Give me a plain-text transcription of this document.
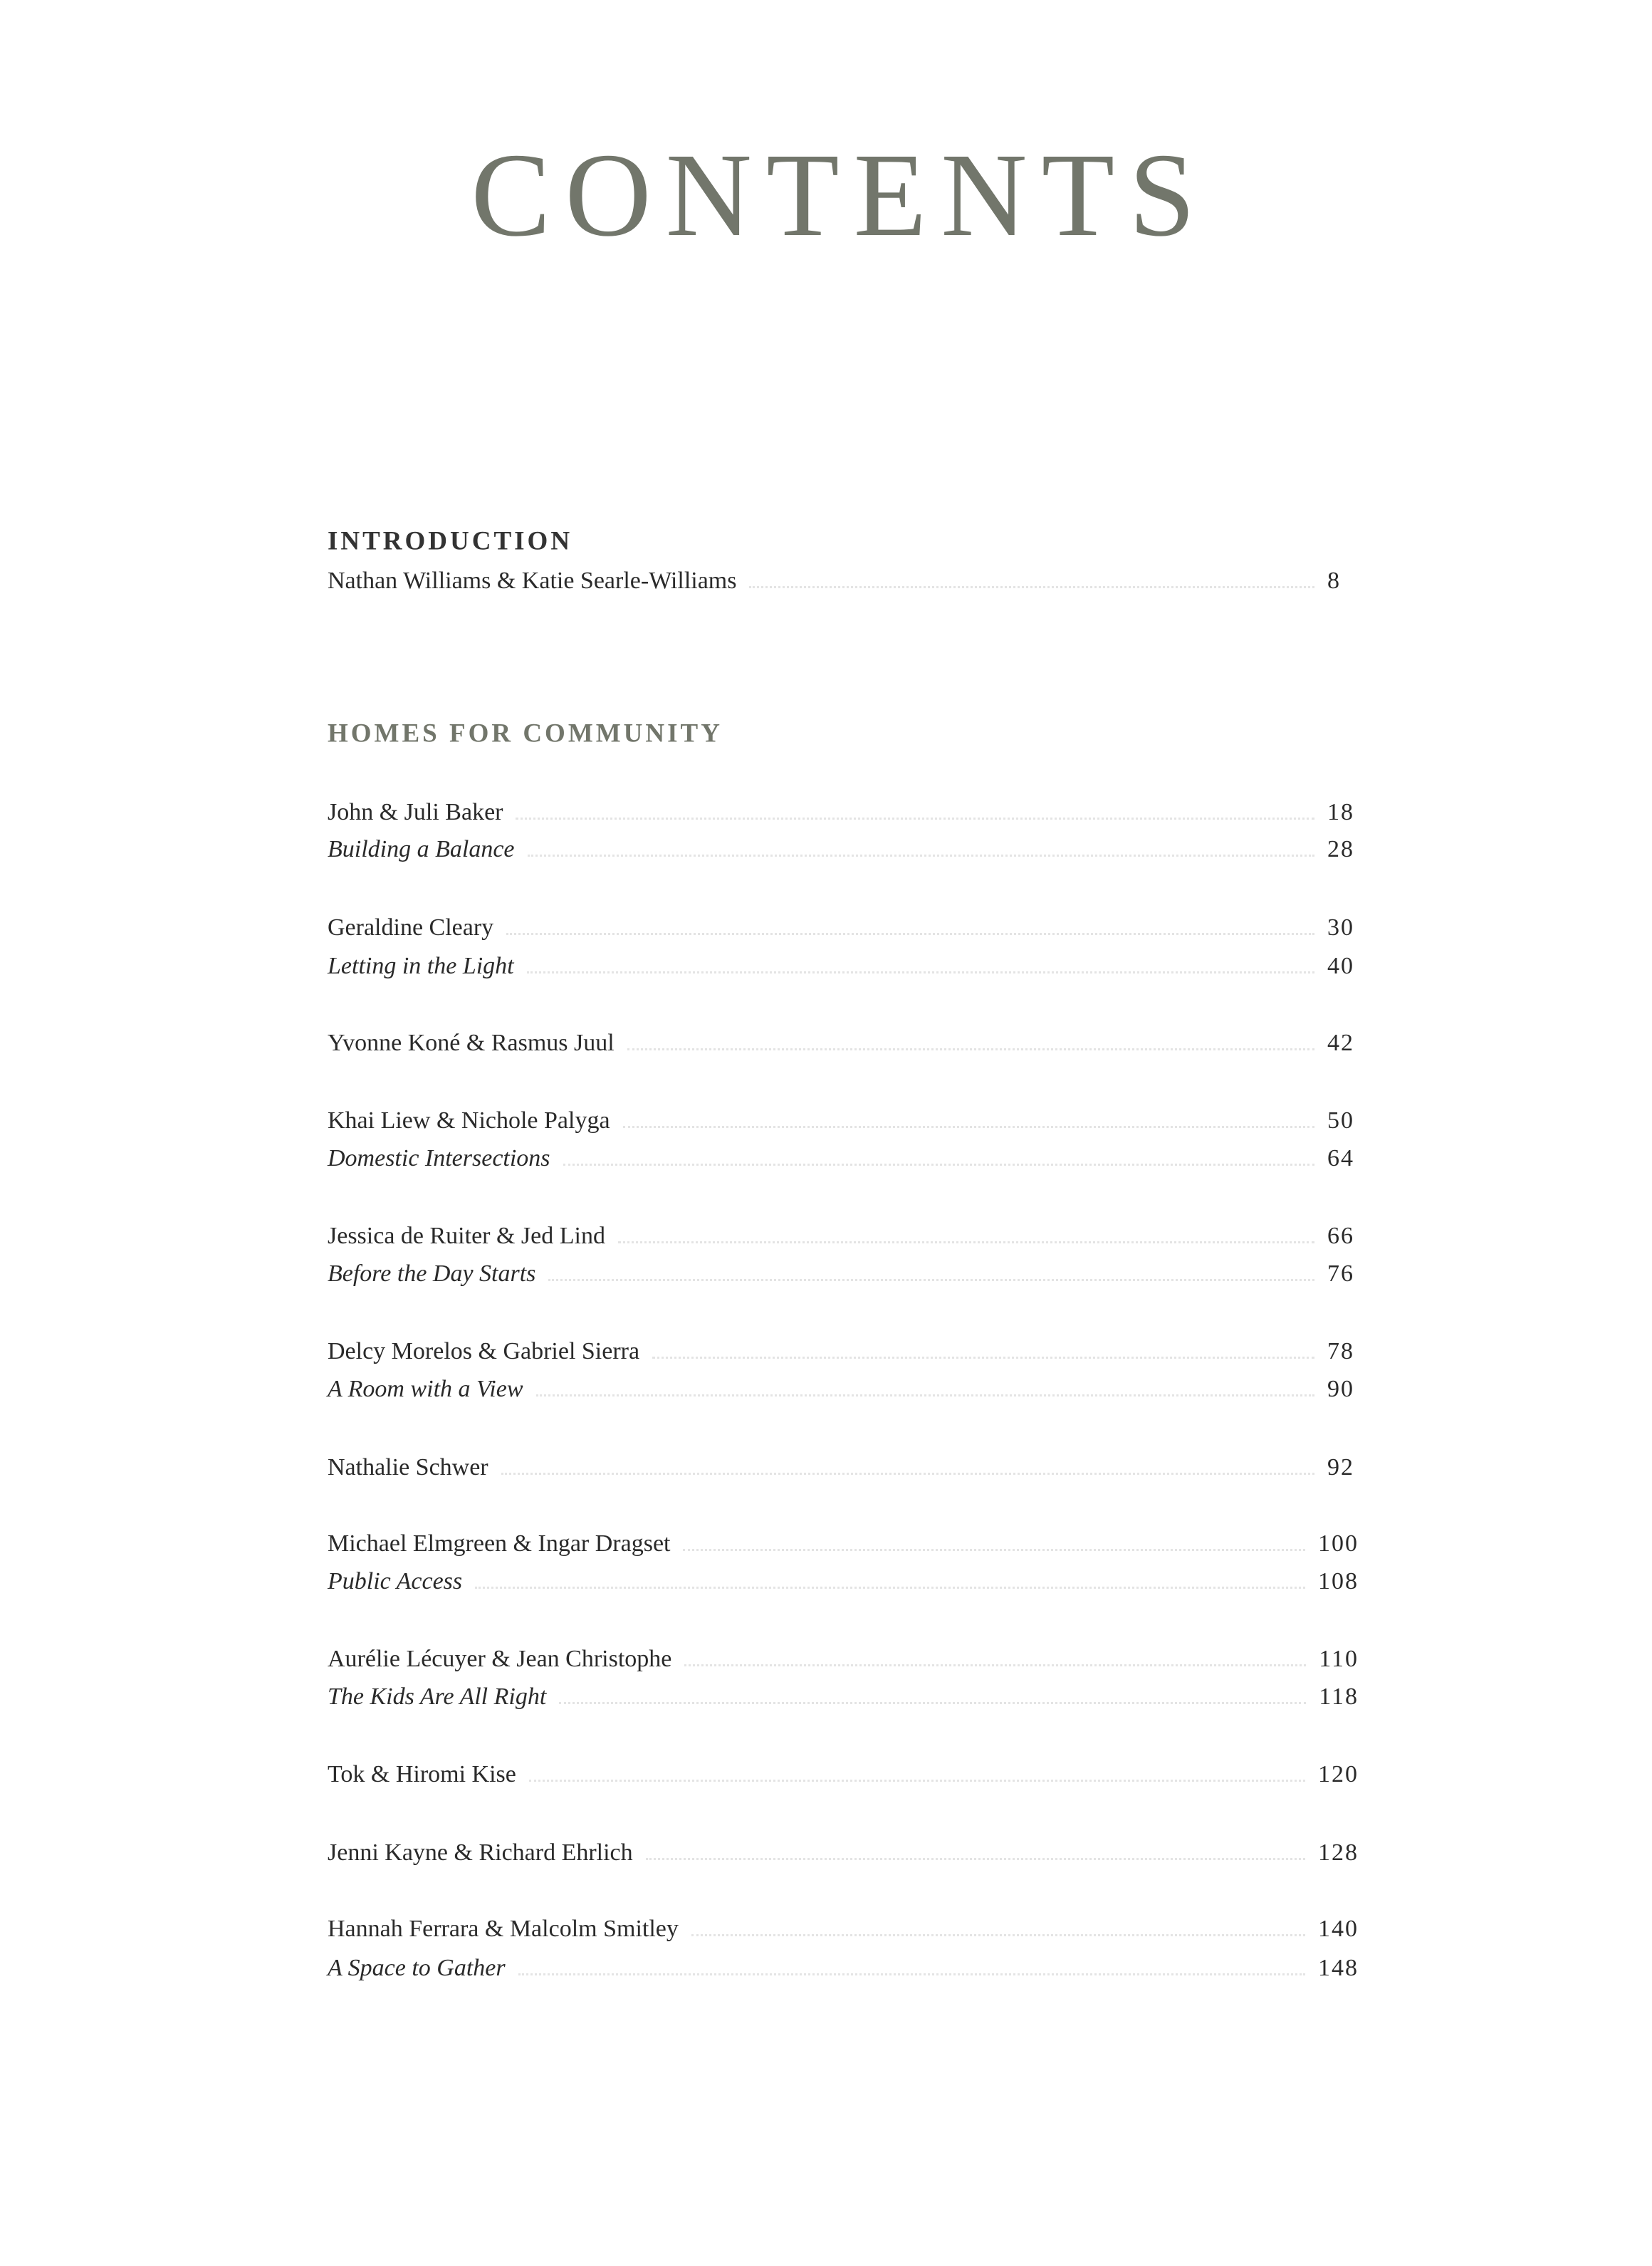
CONTENTS
INTRODUCTION
Nathan Williams & Katie Searle-Williams	8
HOMES FOR COMMUNITY
John & Juli Baker	18
Building a Balance	28
Geraldine Cleary	30
Letting in the Light	40
Yvonne Koné & Rasmus Juul	42
Khai Liew & Nichole Palyga	50
Domestic Intersections	64
Jessica de Ruiter & Jed Lind	66
Before the Day Starts	76
Delcy Morelos & Gabriel Sierra	78
A Room with a View	90
Nathalie Schwer	92
Michael Elmgreen & Ingar Dragset	100
Public Access	108
Aurélie Lécuyer & Jean Christophe	110
The Kids Are All Right	118
Tok & Hiromi Kise	120
Jenni Kayne & Richard Ehrlich	128
Hannah Ferrara & Malcolm Smitley	140
A Space to Gather	148
